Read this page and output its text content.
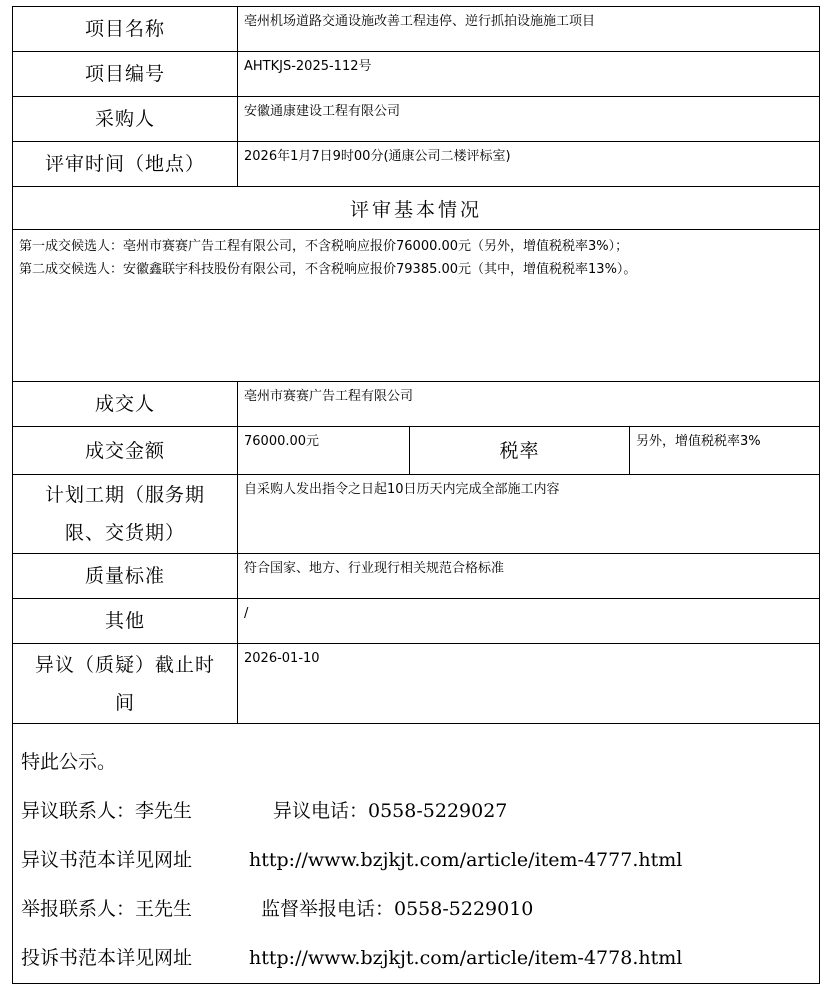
项目名称	亳州机场道路交通设施改善工程违停、逆行抓拍设施施工项目		
项目编号	AHTKJS-2025-112号		
采购人	安徽通康建设工程有限公司		
评审时间（地点）	2026年1月7日9时00分(通康公司二楼评标室)		
评审基本情况			

第一成交候选人：亳州市赛赛广告工程有限公司，不含税响应报价76000.00元（另外，增值税税率3%）；
第二成交候选人：安徽鑫联宇科技股份有限公司，不含税响应报价79385.00元（其中，增值税税率13%）。			

成交人	亳州市赛赛广告工程有限公司		
成交金额	76000.00元	税率	另外，增值税税率3%

计划工期（服务期
限、交货期）	自采购人发出指令之日起10日历天内完成全部施工内容		
质量标准	符合国家、地方、行业现行相关规范合格标准		
其他	/		

异议（质疑）截止时
间	2026-01-10		

特此公示。
异议联系人：李先生 异议电话：0558-5229027
异议书范本详见网址 http://www.bzjkjt.com/article/item-4777.html
举报联系人：王先生 监督举报电话：0558-5229010
投诉书范本详见网址 http://www.bzjkjt.com/article/item-4778.html			
